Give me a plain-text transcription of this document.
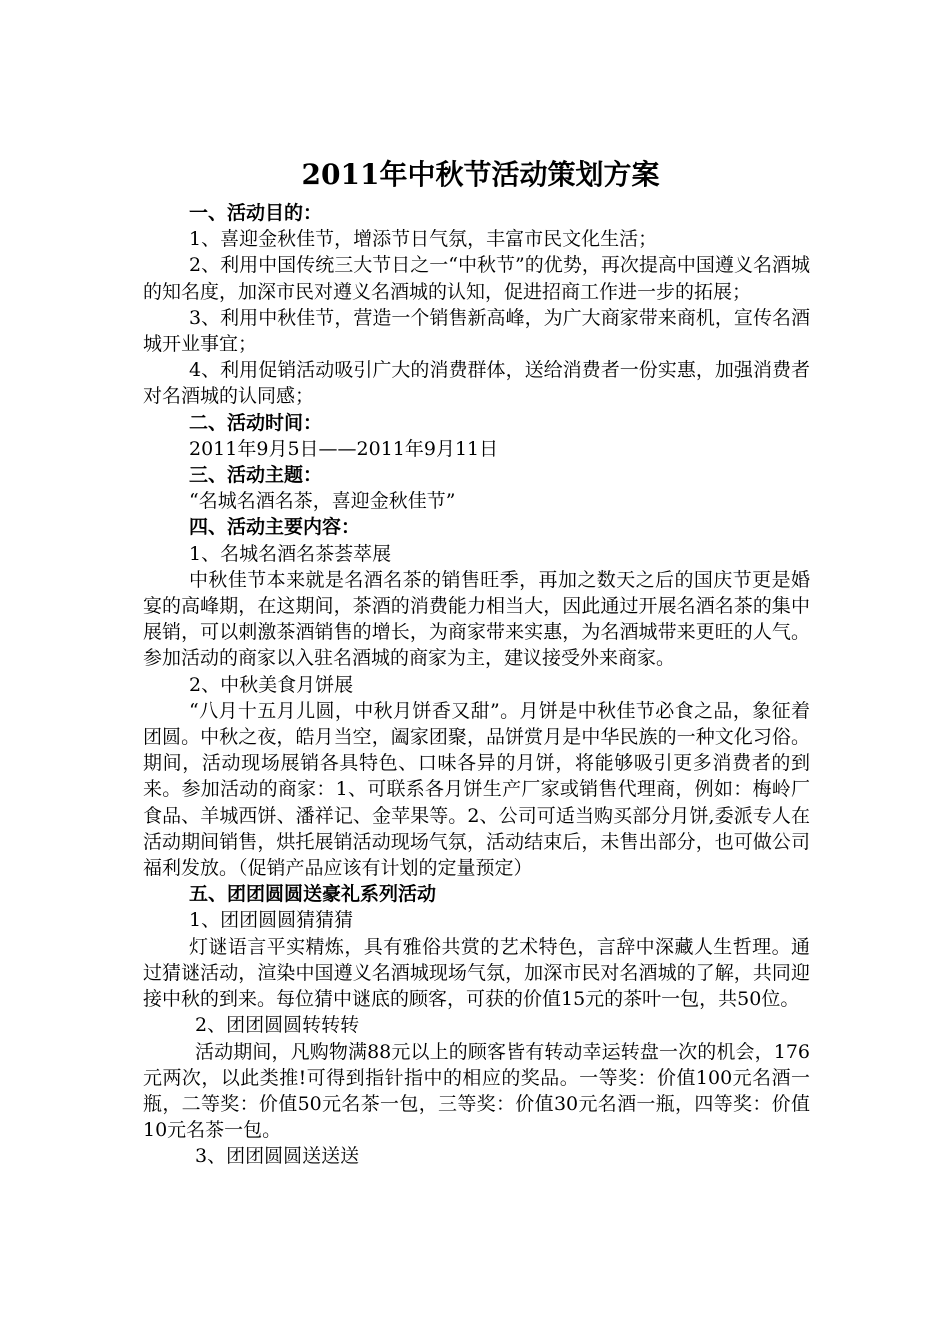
2011年中秋节活动策划方案

一、活动目的：

1、喜迎金秋佳节，增添节日气氛，丰富市民文化生活；

2、利用中国传统三大节日之一“中秋节”的优势，再次提高中国遵义名酒城的知名度，加深市民对遵义名酒城的认知，促进招商工作进一步的拓展；

3、利用中秋佳节，营造一个销售新高峰，为广大商家带来商机，宣传名酒城开业事宜；

4、利用促销活动吸引广大的消费群体，送给消费者一份实惠，加强消费者对名酒城的认同感；

二、活动时间：

2011年9月5日——2011年9月11日

三、活动主题：

“名城名酒名茶，喜迎金秋佳节”

四、活动主要内容：

1、名城名酒名茶荟萃展

中秋佳节本来就是名酒名茶的销售旺季，再加之数天之后的国庆节更是婚宴的高峰期，在这期间，茶酒的消费能力相当大，因此通过开展名酒名茶的集中展销，可以刺激茶酒销售的增长，为商家带来实惠，为名酒城带来更旺的人气。参加活动的商家以入驻名酒城的商家为主，建议接受外来商家。

2、中秋美食月饼展

“八月十五月儿圆，中秋月饼香又甜”。月饼是中秋佳节必食之品，象征着团圆。中秋之夜，皓月当空，阖家团聚，品饼赏月是中华民族的一种文化习俗。期间，活动现场展销各具特色、口味各异的月饼，将能够吸引更多消费者的到来。参加活动的商家：1、可联系各月饼生产厂家或销售代理商，例如：梅岭厂食品、羊城西饼、潘祥记、金苹果等。2、公司可适当购买部分月饼,委派专人在活动期间销售，烘托展销活动现场气氛，活动结束后，未售出部分，也可做公司福利发放。（促销产品应该有计划的定量预定）

五、团团圆圆送豪礼系列活动

1、团团圆圆猜猜猜

灯谜语言平实精炼，具有雅俗共赏的艺术特色，言辞中深藏人生哲理。通过猜谜活动，渲染中国遵义名酒城现场气氛，加深市民对名酒城的了解，共同迎接中秋的到来。每位猜中谜底的顾客，可获的价值15元的茶叶一包，共50位。

2、团团圆圆转转转

活动期间，凡购物满88元以上的顾客皆有转动幸运转盘一次的机会，176元两次，以此类推!可得到指针指中的相应的奖品。一等奖：价值100元名酒一瓶，二等奖：价值50元名茶一包，三等奖：价值30元名酒一瓶，四等奖：价值10元名茶一包。

3、团团圆圆送送送
